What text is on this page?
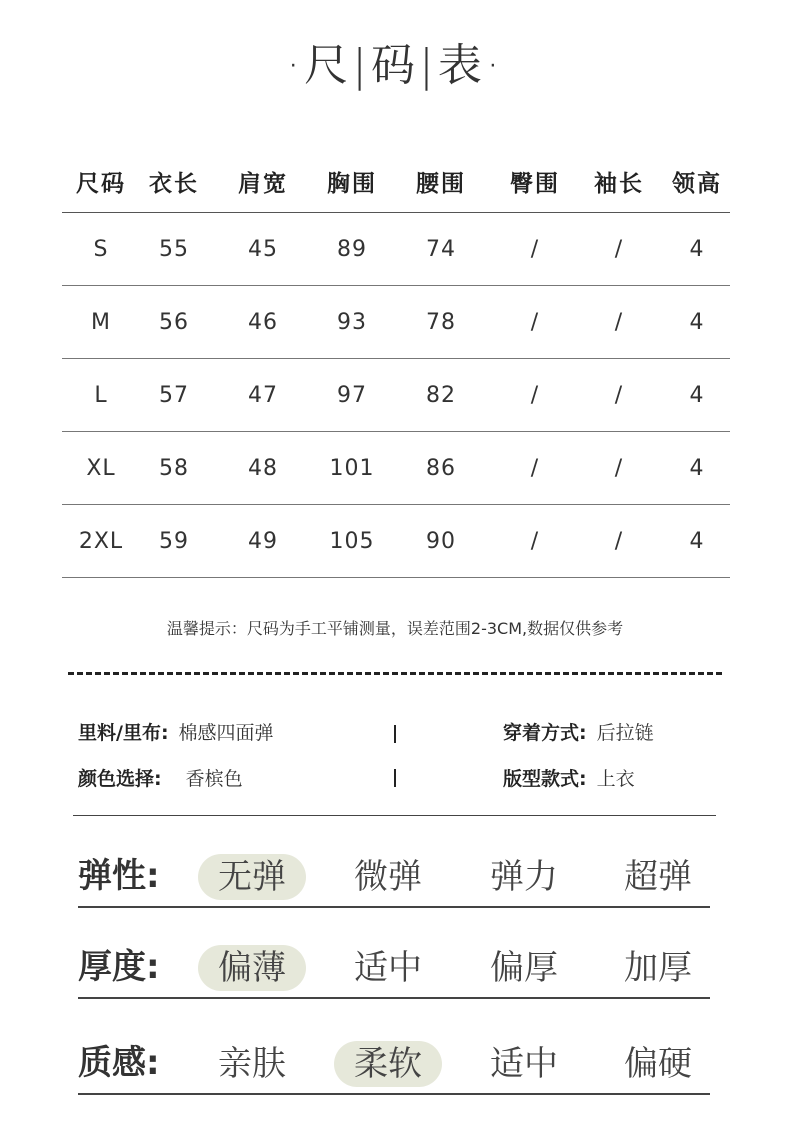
·尺|码|表·
尺码	衣长	肩宽	胸围	腰围	臀围	袖长	领高
S	55	45	89	74	/	/	4
M	56	46	93	78	/	/	4
L	57	47	97	82	/	/	4
XL	58	48	101	86	/	/	4
2XL	59	49	105	90	/	/	4
温馨提示：尺码为手工平铺测量，误差范围2-3CM,数据仅供参考
里料/里布: 棉感四面弹	穿着方式: 后拉链
颜色选择: 香槟色	版型款式: 上衣
弹性:	无弹	微弹	弹力	超弹
厚度:	偏薄	适中	偏厚	加厚
质感:	亲肤	柔软	适中	偏硬
